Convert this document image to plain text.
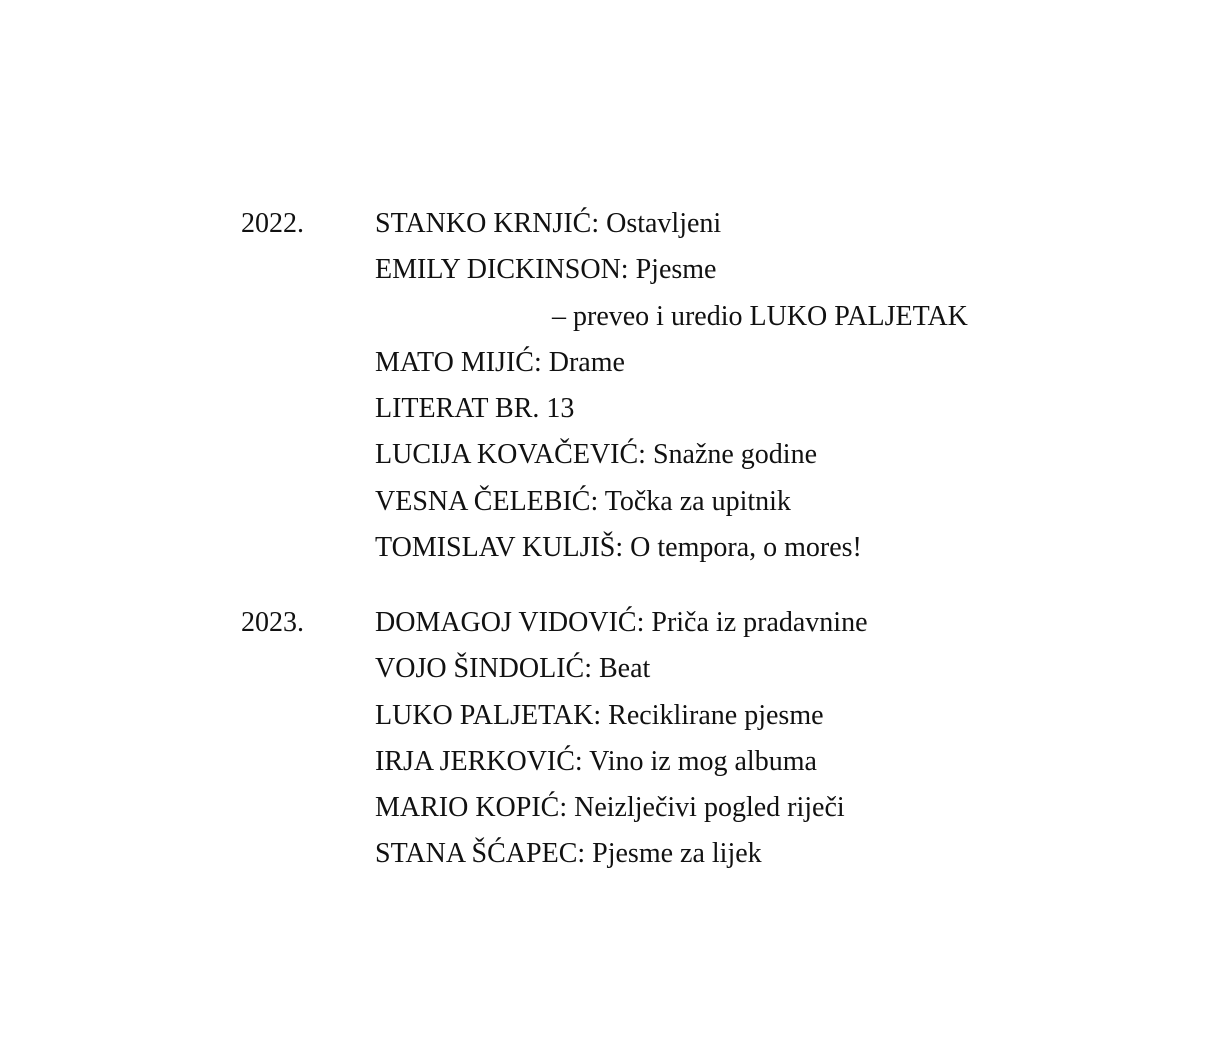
2022.	STANKO KRNJIĆ: Ostavljeni
EMILY DICKINSON: Pjesme
– preveo i uredio LUKO PALJETAK
MATO MIJIĆ: Drame
LITERAT BR. 13
LUCIJA KOVAČEVIĆ: Snažne godine
VESNA ČELEBIĆ: Točka za upitnik
TOMISLAV KULJIŠ: O tempora, o mores!
2023.	DOMAGOJ VIDOVIĆ: Priča iz pradavnine
VOJO ŠINDOLIĆ: Beat
LUKO PALJETAK: Reciklirane pjesme
IRJA JERKOVIĆ: Vino iz mog albuma
MARIO KOPIĆ: Neizlječivi pogled riječi
STANA ŠĆAPEC: Pjesme za lijek
